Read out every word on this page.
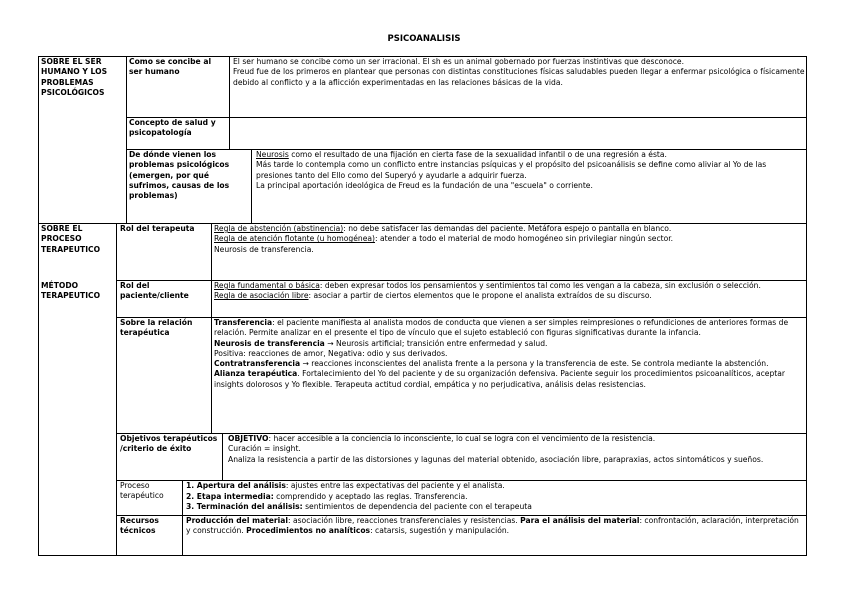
PSICOANALISIS
SOBRE EL SER HUMANO Y LOS PROBLEMAS PSICOLÓGICOS
Como se concibe al ser humano

El ser humano se concibe como un ser irracional. El sh es un animal gobernado por fuerzas instintivas que desconoce.

Freud fue de los primeros en plantear que personas con distintas constituciones físicas saludables pueden llegar a enfermar psicológica o físicamente debido al conflicto y a la aflicción experimentadas en las relaciones básicas de la vida.

Concepto de salud y psicopatología
De dónde vienen los problemas psicológicos (emergen, por qué sufrimos, causas de los problemas)

Neurosis como el resultado de una fijación en cierta fase de la sexualidad infantil o de una regresión a ésta.

Más tarde lo contempla como un conflicto entre instancias psíquicas y el propósito del psicoanálisis se define como aliviar al Yo de las presiones tanto del Ello como del Superyó y ayudarle a adquirir fuerza.

La principal aportación ideológica de Freud es la fundación de una "escuela" o corriente.

SOBRE EL PROCESO TERAPEUTICO
MÉTODO TERAPEUTICO
Rol del terapeuta	Regla de abstención (abstinencia): no debe satisfacer las demandas del paciente. Metáfora espejo o pantalla en blanco.

Regla de atención flotante (u homogénea): atender a todo el material de modo homogéneo sin privilegiar ningún sector.

Neurosis de transferencia.

Rol del paciente/cliente

Regla fundamental o básica: deben expresar todos los pensamientos y sentimientos tal como les vengan a la cabeza, sin exclusión o selección.

Regla de asociación libre: asociar a partir de ciertos elementos que le propone el analista extraídos de su discurso.

Sobre la relación terapéutica

Transferencia: el paciente manifiesta al analista modos de conducta que vienen a ser simples reimpresiones o refundiciones de anteriores formas de relación. Permite analizar en el presente el tipo de vínculo que el sujeto estableció con figuras significativas durante la infancia.

Neurosis de transferencia → Neurosis artificial; transición entre enfermedad y salud.

Positiva: reacciones de amor, Negativa: odio y sus derivados.

Contratransferencia → reacciones inconscientes del analista frente a la persona y la transferencia de este. Se controla mediante la abstención.

Alianza terapéutica. Fortalecimiento del Yo del paciente y de su organización defensiva. Paciente seguir los procedimientos psicoanalíticos, aceptar insights dolorosos y Yo flexible. Terapeuta actitud cordial, empática y no perjudicativa, análisis delas resistencias.

Objetivos terapéuticos /criterio de éxito

OBJETIVO: hacer accesible a la conciencia lo inconsciente, lo cual se logra con el vencimiento de la resistencia.

Curación = insight.

Analiza la resistencia a partir de las distorsiones y lagunas del material obtenido, asociación libre, parapraxias, actos sintomáticos y sueños.

Proceso terapéutico

1. Apertura del análisis: ajustes entre las expectativas del paciente y el analista.

2. Etapa intermedia: comprendido y aceptado las reglas. Transferencia.

3. Terminación del análisis: sentimientos de dependencia del paciente con el terapeuta

Recursos técnicos

Producción del material: asociación libre, reacciones transferenciales y resistencias. Para el análisis del material: confrontación, aclaración, interpretación y construcción. Procedimientos no analíticos: catarsis, sugestión y manipulación.
